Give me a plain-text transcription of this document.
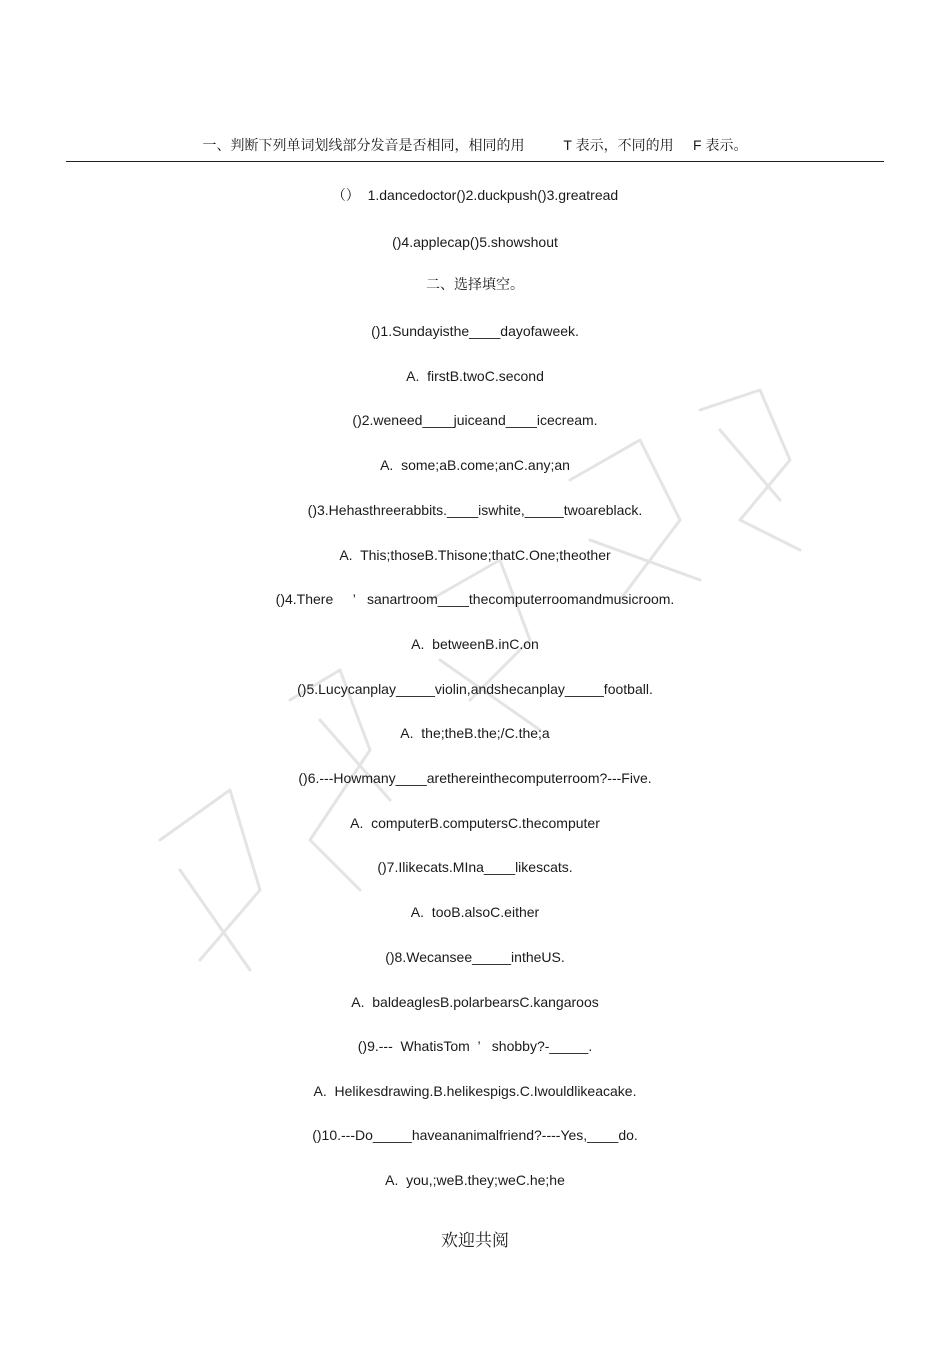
一、判断下列单词划线部分发音是否相同，相同的用          T 表示，不同的用     F 表示。
（）  1.dancedoctor()2.duckpush()3.greatread
()4.applecap()5.showshout
二、选择填空。
()1.Sundayisthe____dayofaweek.
A.  firstB.twoC.second
()2.weneed____juiceand____icecream.
A.  some;aB.come;anC.any;an
()3.Hehasthreerabbits.____iswhite,_____twoareblack.
A.  This;thoseB.Thisone;thatC.One;theother
()4.There     ’   sanartroom____thecomputerroomandmusicroom.
A.  betweenB.inC.on
()5.Lucycanplay_____violin,andshecanplay_____football.
A.  the;theB.the;/C.the;a
()6.---Howmany____arethereinthecomputerroom?---Five.
A.  computerB.computersC.thecomputer
()7.Ilikecats.MIna____likescats.
A.  tooB.alsoC.either
()8.Wecansee_____intheUS.
A.  baldeaglesB.polarbearsC.kangaroos
()9.---  WhatisTom  ’   shobby?-_____.
A.  Helikesdrawing.B.helikespigs.C.Iwouldlikeacake.
()10.---Do_____haveananimalfriend?----Yes,____do.
A.  you,;weB.they;weC.he;he
欢迎共阅
